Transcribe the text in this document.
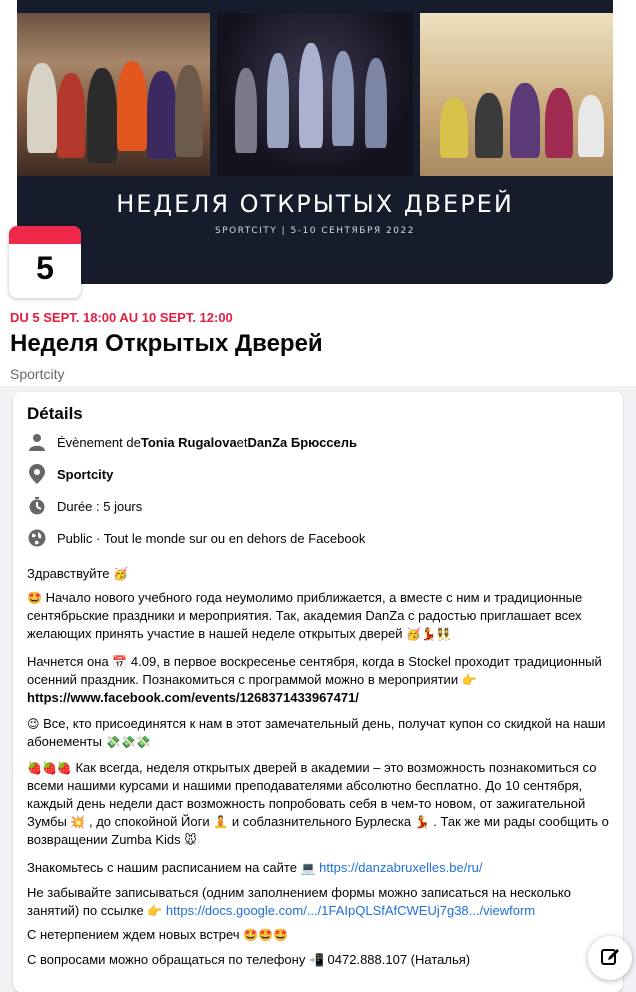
НЕДЕЛЯ ОТКРЫТЫХ ДВЕРЕЙ
SPORTCITY | 5-10 СЕНТЯБРЯ 2022
5
DU 5 SEPT. 18:00 AU 10 SEPT. 12:00
Неделя Открытых Дверей
Sportcity
Détails
Évènement de Tonia Rugalova et DanZa Брюссель
Sportcity
Durée : 5 jours
Public · Tout le monde sur ou en dehors de Facebook
Здравствуйте 🥳
🤩 Начало нового учебного года неумолимо приближается, а вместе с ним и традиционные сентябрьские праздники и мероприятия. Так, академия DanZa с радостью приглашает всех желающих принять участие в нашей неделе открытых дверей 🥳💃👯
Начнется она 📅 4.09, в первое воскресенье сентября, когда в Stockel проходит традиционный осенний праздник. Познакомиться с программой можно в мероприятии 👉 https://www.facebook.com/events/1268371433967471/
😉 Все, кто присоединятся к нам в этот замечательный день, получат купон со скидкой на наши абонементы 💸💸💸
🍓🍓🍓 Как всегда, неделя открытых дверей в академии – это возможность познакомиться со всеми нашими курсами и нашими преподавателями абсолютно бесплатно. До 10 сентября, каждый день недели даст возможность попробовать себя в чем-то новом, от зажигательной Зумбы 💥 , до спокойной Йоги 🧘 и соблазнительного Бурлеска 💃 . Так же ми рады сообщить о возвращении Zumba Kids 🐭
Знакомьтесь с нашим расписанием на сайте 💻 https://danzabruxelles.be/ru/
Не забывайте записываться (одним заполнением формы можно записаться на несколько занятий) по ссылке 👉 https://docs.google.com/.../1FAIpQLSfAfCWEUj7g38.../viewform
С нетерпением ждем новых встреч 🤩🤩🤩
С вопросами можно обращаться по телефону 📲 0472.888.107 (Наталья)
